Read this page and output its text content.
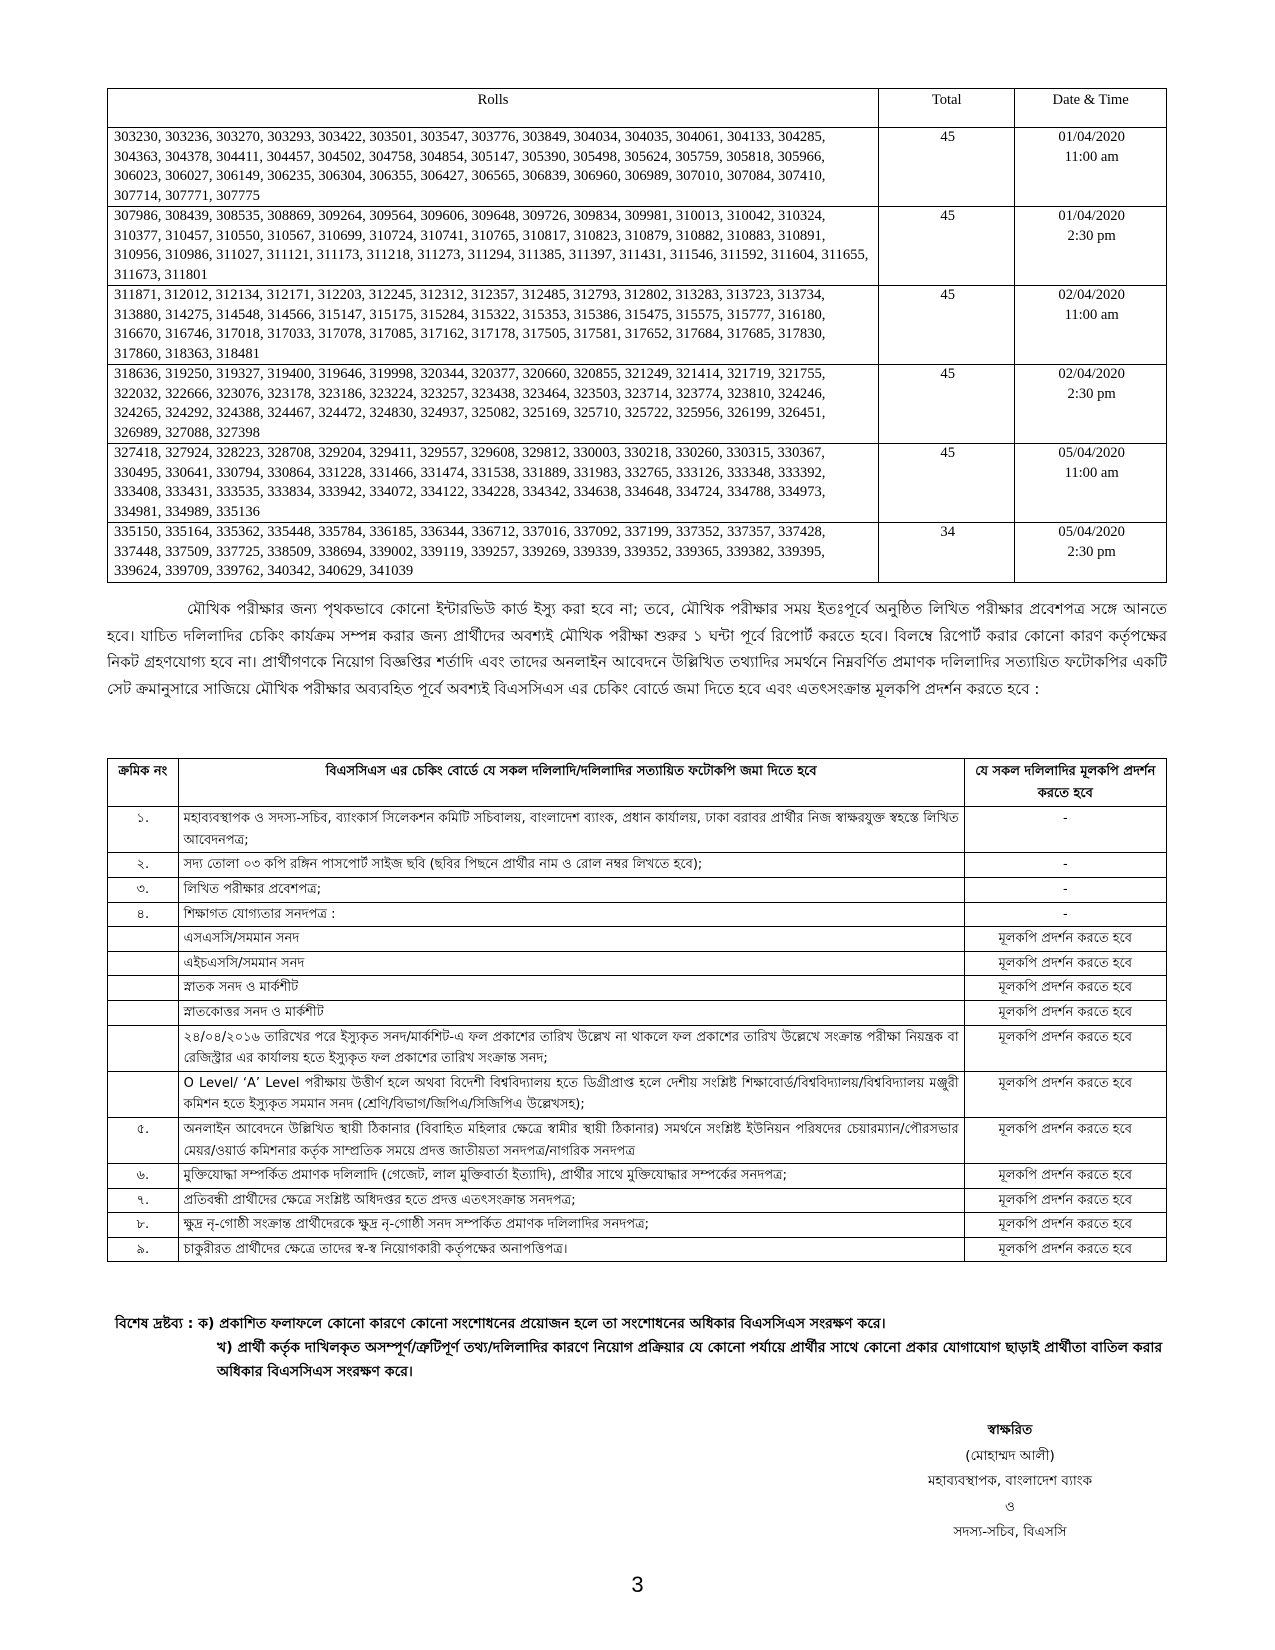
Rolls	Total	Date & Time
303230, 303236, 303270, 303293, 303422, 303501, 303547, 303776, 303849, 304034, 304035, 304061, 304133, 304285, 304363, 304378, 304411, 304457, 304502, 304758, 304854, 305147, 305390, 305498, 305624, 305759, 305818, 305966, 306023, 306027, 306149, 306235, 306304, 306355, 306427, 306565, 306839, 306960, 306989, 307010, 307084, 307410, 307714, 307771, 307775	45	01/04/2020
11:00 am

307986, 308439, 308535, 308869, 309264, 309564, 309606, 309648, 309726, 309834, 309981, 310013, 310042, 310324, 310377, 310457, 310550, 310567, 310699, 310724, 310741, 310765, 310817, 310823, 310879, 310882, 310883, 310891, 310956, 310986, 311027, 311121, 311173, 311218, 311273, 311294, 311385, 311397, 311431, 311546, 311592, 311604, 311655, 311673, 311801	45	01/04/2020
2:30 pm

311871, 312012, 312134, 312171, 312203, 312245, 312312, 312357, 312485, 312793, 312802, 313283, 313723, 313734, 313880, 314275, 314548, 314566, 315147, 315175, 315284, 315322, 315353, 315386, 315475, 315575, 315777, 316180, 316670, 316746, 317018, 317033, 317078, 317085, 317162, 317178, 317505, 317581, 317652, 317684, 317685, 317830, 317860, 318363, 318481	45	02/04/2020
11:00 am

318636, 319250, 319327, 319400, 319646, 319998, 320344, 320377, 320660, 320855, 321249, 321414, 321719, 321755, 322032, 322666, 323076, 323178, 323186, 323224, 323257, 323438, 323464, 323503, 323714, 323774, 323810, 324246, 324265, 324292, 324388, 324467, 324472, 324830, 324937, 325082, 325169, 325710, 325722, 325956, 326199, 326451, 326989, 327088, 327398	45	02/04/2020
2:30 pm

327418, 327924, 328223, 328708, 329204, 329411, 329557, 329608, 329812, 330003, 330218, 330260, 330315, 330367, 330495, 330641, 330794, 330864, 331228, 331466, 331474, 331538, 331889, 331983, 332765, 333126, 333348, 333392, 333408, 333431, 333535, 333834, 333942, 334072, 334122, 334228, 334342, 334638, 334648, 334724, 334788, 334973, 334981, 334989, 335136	45	05/04/2020
11:00 am

335150, 335164, 335362, 335448, 335784, 336185, 336344, 336712, 337016, 337092, 337199, 337352, 337357, 337428, 337448, 337509, 337725, 338509, 338694, 339002, 339119, 339257, 339269, 339339, 339352, 339365, 339382, 339395, 339624, 339709, 339762, 340342, 340629, 341039	34	05/04/2020
2:30 pm

মৌখিক পরীক্ষার জন্য পৃথকভাবে কোনো ইন্টারভিউ কার্ড ইস্যু করা হবে না; তবে, মৌখিক পরীক্ষার সময় ইতঃপূর্বে অনুষ্ঠিত লিখিত পরীক্ষার প্রবেশপত্র সঙ্গে আনতে হবে। যাচিত দলিলাদির চেকিং কার্যক্রম সম্পন্ন করার জন্য প্রার্থীদের অবশ্যই মৌখিক পরীক্ষা শুরুর ১ ঘন্টা পূর্বে রিপোর্ট করতে হবে। বিলম্বে রিপোর্ট করার কোনো কারণ কর্তৃপক্ষের নিকট গ্রহণযোগ্য হবে না। প্রার্থীগণকে নিয়োগ বিজ্ঞপ্তির শর্তাদি এবং তাদের অনলাইন আবেদনে উল্লিখিত তথ্যাদির সমর্থনে নিম্নবর্ণিত প্রমাণক দলিলাদির সত্যায়িত ফটোকপির একটি সেট ক্রমানুসারে সাজিয়ে মৌখিক পরীক্ষার অব্যবহিত পূর্বে অবশ্যই বিএসসিএস এর চেকিং বোর্ডে জমা দিতে হবে এবং এতৎসংক্রান্ত মূলকপি প্রদর্শন করতে হবে :

ক্রমিক নং	বিএসসিএস এর চেকিং বোর্ডে যে সকল দলিলাদি/দলিলাদির সত্যায়িত ফটোকপি জমা দিতে হবে	যে সকল দলিলাদির মূলকপি প্রদর্শন করতে হবে
১.	মহাব্যবস্থাপক ও সদস্য-সচিব, ব্যাংকার্স সিলেকশন কমিটি সচিবালয়, বাংলাদেশ ব্যাংক, প্রধান কার্যালয়, ঢাকা বরাবর প্রার্থীর নিজ স্বাক্ষরযুক্ত স্বহস্তে লিখিত আবেদনপত্র;	-
২.	সদ্য তোলা ০৩ কপি রঙ্গিন পাসপোর্ট সাইজ ছবি (ছবির পিছনে প্রার্থীর নাম ও রোল নম্বর লিখতে হবে);	-
৩.	লিখিত পরীক্ষার প্রবেশপত্র;	-
৪.	শিক্ষাগত যোগ্যতার সনদপত্র :	-
	এসএসসি/সমমান সনদ	মূলকপি প্রদর্শন করতে হবে
	এইচএসসি/সমমান সনদ	মূলকপি প্রদর্শন করতে হবে
	স্নাতক সনদ ও মার্কশীট	মূলকপি প্রদর্শন করতে হবে
	স্নাতকোত্তর সনদ ও মার্কশীট	মূলকপি প্রদর্শন করতে হবে
	২৪/০৪/২০১৬ তারিখের পরে ইস্যুকৃত সনদ/মার্কশিট-এ ফল প্রকাশের তারিখ উল্লেখ না থাকলে ফল প্রকাশের তারিখ উল্লেখে সংক্রান্ত পরীক্ষা নিয়ন্ত্রক বা রেজিস্ট্রার এর কার্যালয় হতে ইস্যুকৃত ফল প্রকাশের তারিখ সংক্রান্ত সনদ;	মূলকপি প্রদর্শন করতে হবে
	O Level/ ‘A’ Level পরীক্ষায় উত্তীর্ণ হলে অথবা বিদেশী বিশ্ববিদ্যালয় হতে ডিগ্রীপ্রাপ্ত হলে দেশীয় সংশ্লিষ্ট শিক্ষাবোর্ড/বিশ্ববিদ্যালয়/বিশ্ববিদ্যালয় মঞ্জুরী কমিশন হতে ইস্যুকৃত সমমান সনদ (শ্রেণি/বিভাগ/জিপিএ/সিজিপিএ উল্লেখসহ);	মূলকপি প্রদর্শন করতে হবে
৫.	অনলাইন আবেদনে উল্লিখিত স্থায়ী ঠিকানার (বিবাহিত মহিলার ক্ষেত্রে স্বামীর স্থায়ী ঠিকানার) সমর্থনে সংশ্লিষ্ট ইউনিয়ন পরিষদের চেয়ারম্যান/পৌরসভার মেয়র/ওয়ার্ড কমিশনার কর্তৃক সাম্প্রতিক সময়ে প্রদত্ত জাতীয়তা সনদপত্র/নাগরিক সনদপত্র	মূলকপি প্রদর্শন করতে হবে
৬.	মুক্তিযোদ্ধা সম্পর্কিত প্রমাণক দলিলাদি (গেজেট, লাল মুক্তিবার্তা ইত্যাদি), প্রার্থীর সাথে মুক্তিযোদ্ধার সম্পর্কের সনদপত্র;	মূলকপি প্রদর্শন করতে হবে
৭.	প্রতিবন্ধী প্রার্থীদের ক্ষেত্রে সংশ্লিষ্ট অধিদপ্তর হতে প্রদত্ত এতৎসংক্রান্ত সনদপত্র;	মূলকপি প্রদর্শন করতে হবে
৮.	ক্ষুদ্র নৃ-গোষ্ঠী সংক্রান্ত প্রার্থীদেরকে ক্ষুদ্র নৃ-গোষ্ঠী সনদ সম্পর্কিত প্রমাণক দলিলাদির সনদপত্র;	মূলকপি প্রদর্শন করতে হবে
৯.	চাকুরীরত প্রার্থীদের ক্ষেত্রে তাদের স্ব-স্ব নিয়োগকারী কর্তৃপক্ষের অনাপত্তিপত্র।	মূলকপি প্রদর্শন করতে হবে

বিশেষ দ্রষ্টব্য : ক) প্রকাশিত ফলাফলে কোনো কারণে কোনো সংশোধনের প্রয়োজন হলে তা সংশোধনের অধিকার বিএসসিএস সংরক্ষণ করে।

খ) প্রার্থী কর্তৃক দাখিলকৃত অসম্পূর্ণ/ত্রুটিপূর্ণ তথ্য/দলিলাদির কারণে নিয়োগ প্রক্রিয়ার যে কোনো পর্যায়ে প্রার্থীর সাথে কোনো প্রকার যোগাযোগ ছাড়াই প্রার্থীতা বাতিল করার অধিকার বিএসসিএস সংরক্ষণ করে।

স্বাক্ষরিত
(মোহাম্মদ আলী)
মহাব্যবস্থাপক, বাংলাদেশ ব্যাংক
ও
সদস্য-সচিব, বিএসসি
3
